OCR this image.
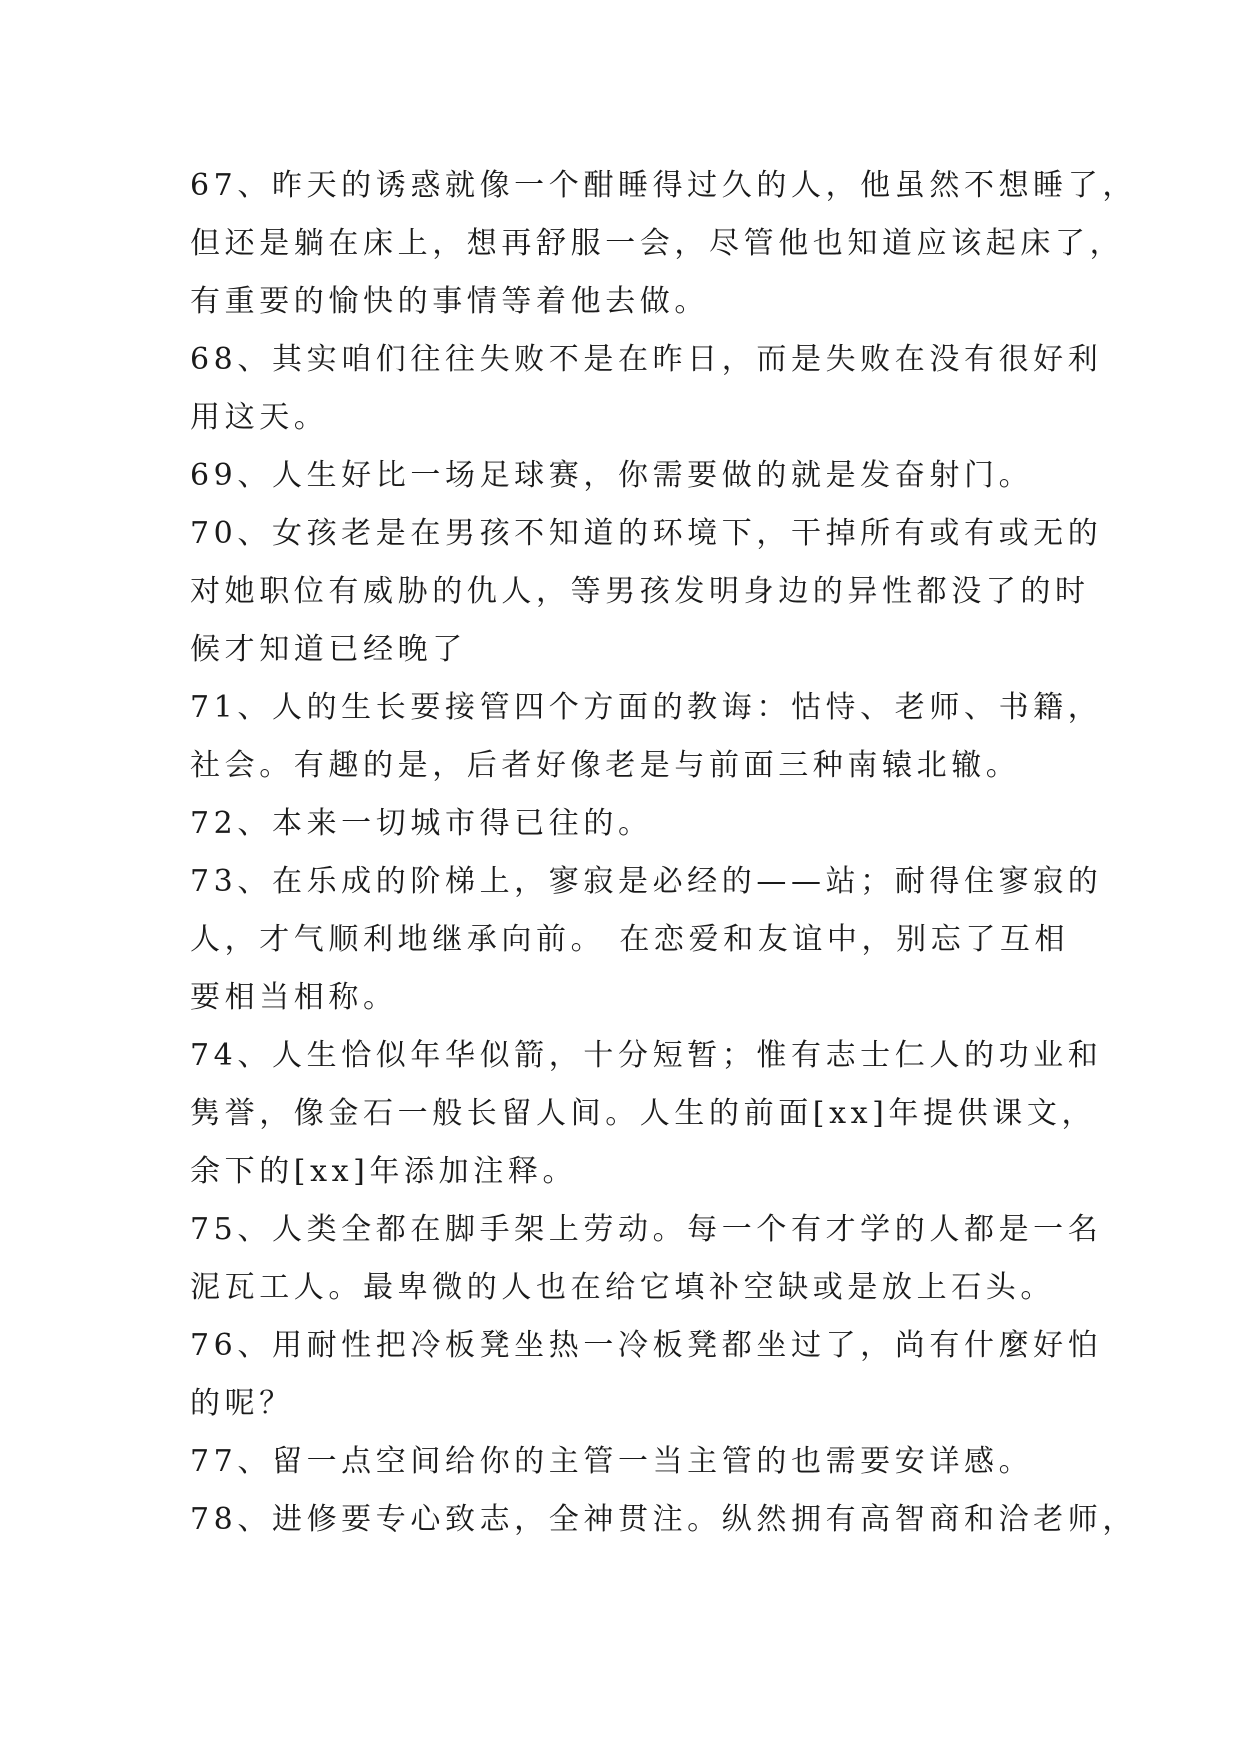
67、昨天的诱惑就像一个酣睡得过久的人，他虽然不想睡了，
但还是躺在床上，想再舒服一会，尽管他也知道应该起床了，
有重要的愉快的事情等着他去做。

68、其实咱们往往失败不是在昨日，而是失败在没有很好利
用这天。

69、人生好比一场足球赛，你需要做的就是发奋射门。

70、女孩老是在男孩不知道的环境下，干掉所有或有或无的
对她职位有威胁的仇人，等男孩发明身边的异性都没了的时
候才知道已经晚了

71、人的生长要接管四个方面的教诲：怙恃、老师、书籍，
社会。有趣的是，后者好像老是与前面三种南辕北辙。

72、本来一切城市得已往的。

73、在乐成的阶梯上，寥寂是必经的——站；耐得住寥寂的
人，才气顺利地继承向前。 在恋爱和友谊中，别忘了互相
要相当相称。

74、人生恰似年华似箭，十分短暂；惟有志士仁人的功业和
隽誉，像金石一般长留人间。人生的前面[xx]年提供课文，
余下的[xx]年添加注释。

75、人类全都在脚手架上劳动。每一个有才学的人都是一名
泥瓦工人。最卑微的人也在给它填补空缺或是放上石头。

76、用耐性把冷板凳坐热一冷板凳都坐过了，尚有什麼好怕
的呢？

77、留一点空间给你的主管一当主管的也需要安详感。

78、进修要专心致志，全神贯注。纵然拥有高智商和洽老师，
